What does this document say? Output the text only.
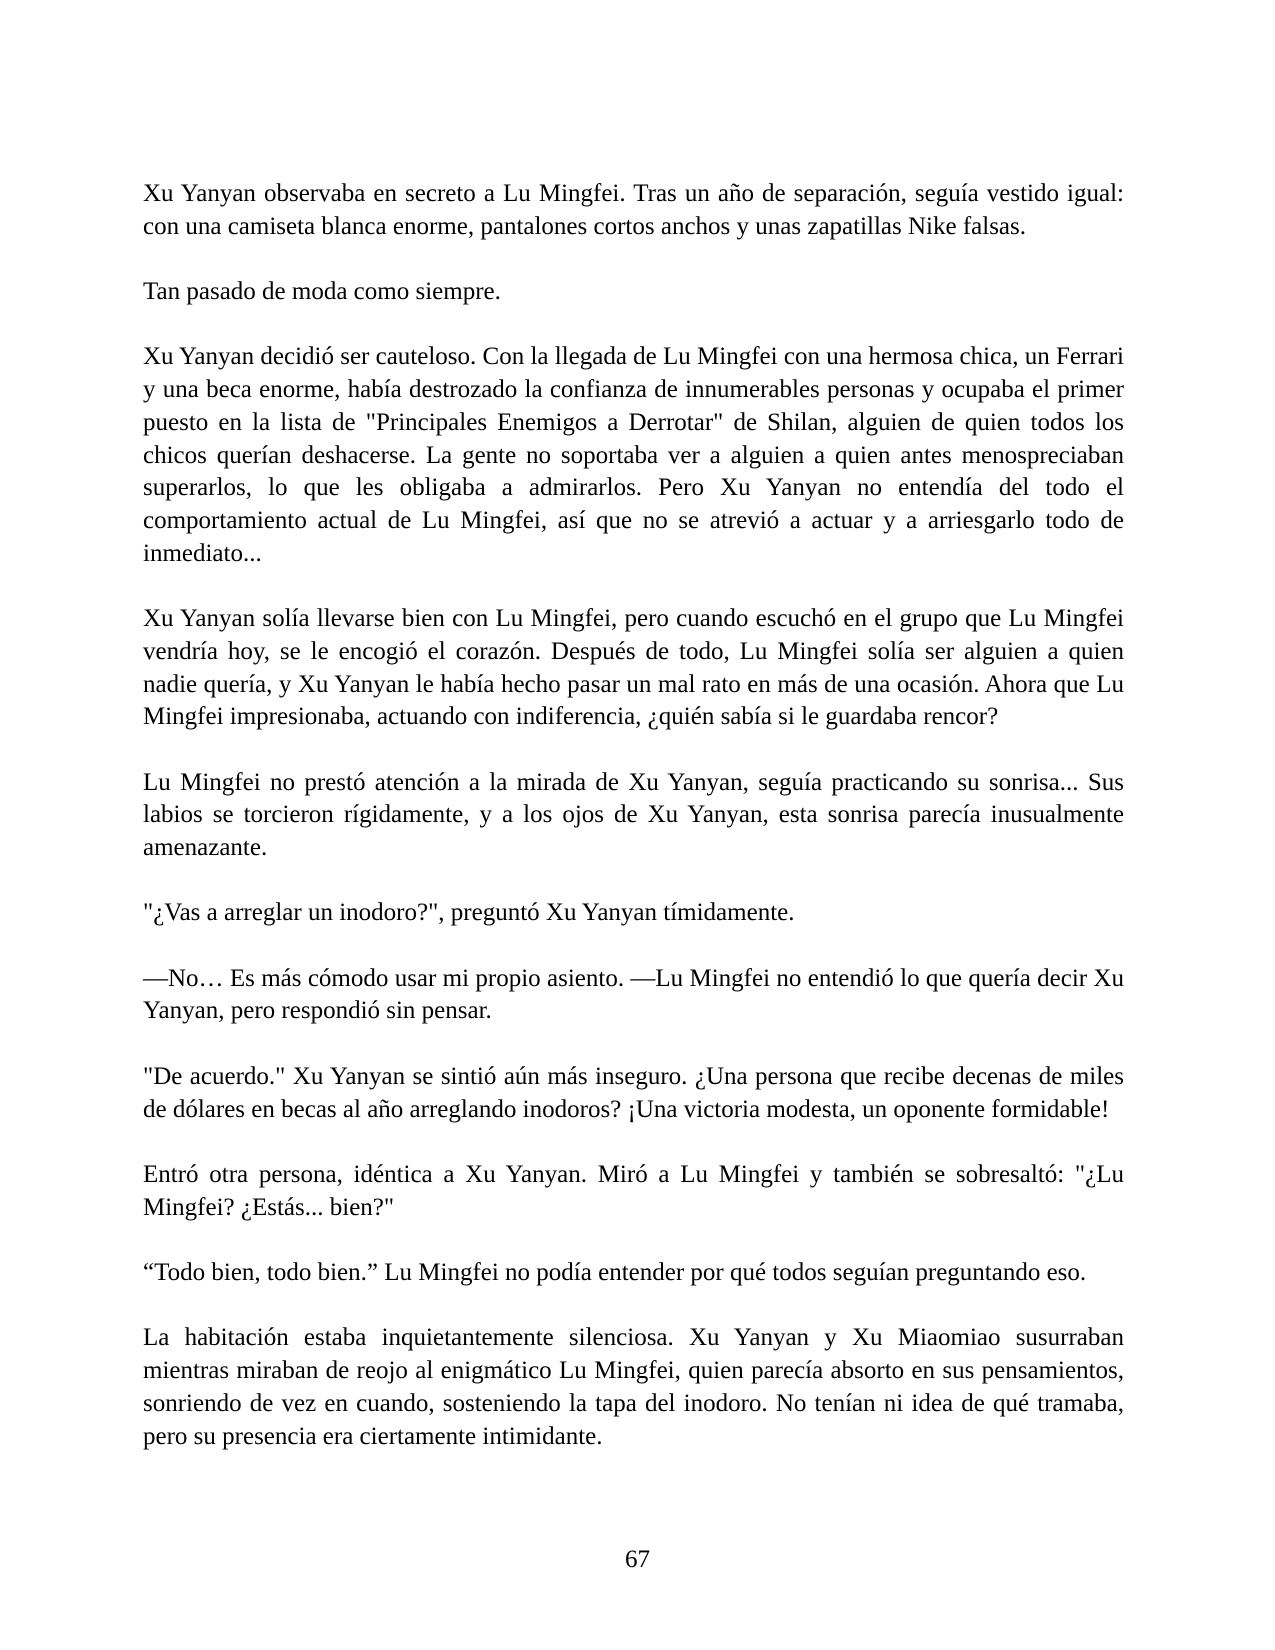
Xu Yanyan observaba en secreto a Lu Mingfei. Tras un año de separación, seguía vestido igual: con una camiseta blanca enorme, pantalones cortos anchos y unas zapatillas Nike falsas.

Tan pasado de moda como siempre.

Xu Yanyan decidió ser cauteloso. Con la llegada de Lu Mingfei con una hermosa chica, un Ferrari y una beca enorme, había destrozado la confianza de innumerables personas y ocupaba el primer puesto en la lista de "Principales Enemigos a Derrotar" de Shilan, alguien de quien todos los chicos querían deshacerse. La gente no soportaba ver a alguien a quien antes menospreciaban superarlos, lo que les obligaba a admirarlos. Pero Xu Yanyan no entendía del todo el comportamiento actual de Lu Mingfei, así que no se atrevió a actuar y a arriesgarlo todo de inmediato...

Xu Yanyan solía llevarse bien con Lu Mingfei, pero cuando escuchó en el grupo que Lu Mingfei vendría hoy, se le encogió el corazón. Después de todo, Lu Mingfei solía ser alguien a quien nadie quería, y Xu Yanyan le había hecho pasar un mal rato en más de una ocasión. Ahora que Lu Mingfei impresionaba, actuando con indiferencia, ¿quién sabía si le guardaba rencor?

Lu Mingfei no prestó atención a la mirada de Xu Yanyan, seguía practicando su sonrisa... Sus labios se torcieron rígidamente, y a los ojos de Xu Yanyan, esta sonrisa parecía inusualmente amenazante.

"¿Vas a arreglar un inodoro?", preguntó Xu Yanyan tímidamente.

—No… Es más cómodo usar mi propio asiento. —Lu Mingfei no entendió lo que quería decir Xu Yanyan, pero respondió sin pensar.

"De acuerdo." Xu Yanyan se sintió aún más inseguro. ¿Una persona que recibe decenas de miles de dólares en becas al año arreglando inodoros? ¡Una victoria modesta, un oponente formidable!

Entró otra persona, idéntica a Xu Yanyan. Miró a Lu Mingfei y también se sobresaltó: "¿Lu Mingfei? ¿Estás... bien?"

“Todo bien, todo bien.” Lu Mingfei no podía entender por qué todos seguían preguntando eso.

La habitación estaba inquietantemente silenciosa. Xu Yanyan y Xu Miaomiao susurraban mientras miraban de reojo al enigmático Lu Mingfei, quien parecía absorto en sus pensamientos, sonriendo de vez en cuando, sosteniendo la tapa del inodoro. No tenían ni idea de qué tramaba, pero su presencia era ciertamente intimidante.

67
